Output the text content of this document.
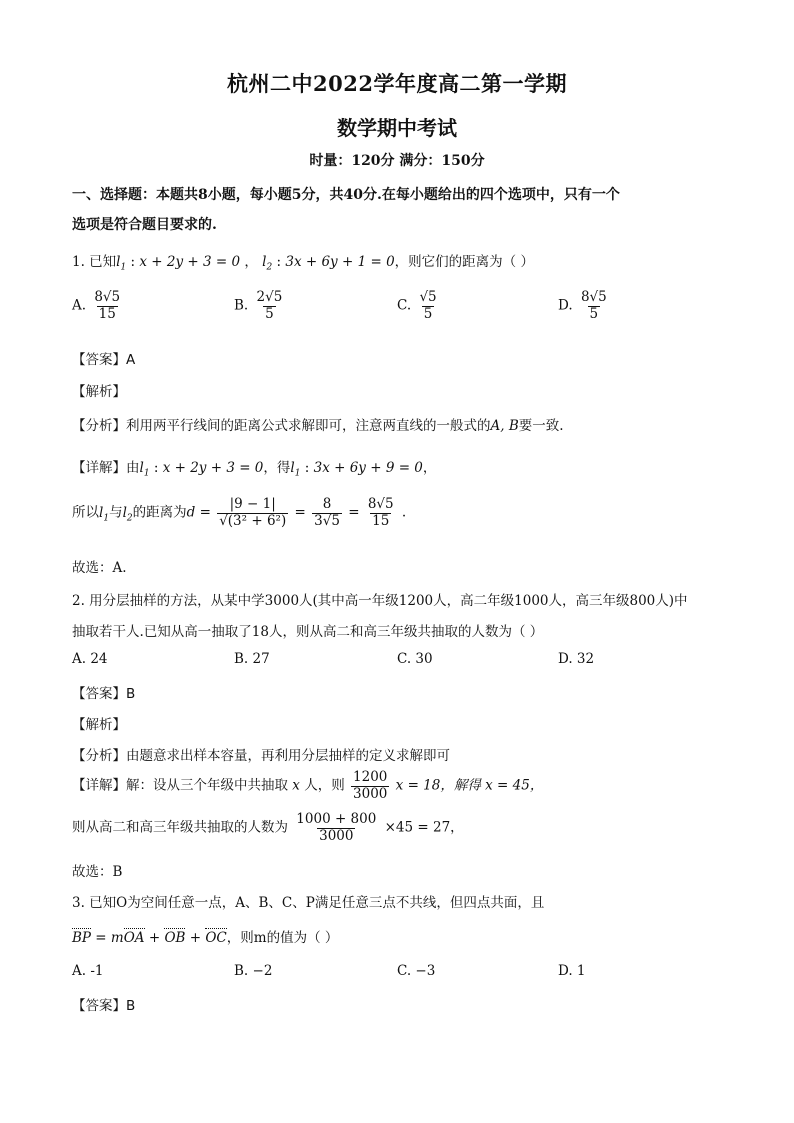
杭州二中2022学年度高二第一学期
数学期中考试
时量：120分 满分：150分
一、选择题：本题共8小题，每小题5分，共40分.在每小题给出的四个选项中，只有一个
选项是符合题目要求的.
1. 已知$l_1$ : x + 2y + 3 = 0 ， $l_2$ : 3x + 6y + 1 = 0，则它们的距离为（ ）
A. $\frac{8√5}{15}$	B. $\frac{2√5}{5}$	C. $\frac{√5}{5}$	D. $\frac{8√5}{5}$
【答案】A
【解析】
【分析】利用两平行线间的距离公式求解即可，注意两直线的一般式的A, B要一致.
【详解】由$l_1$ : x + 2y + 3 = 0，得$l_1$ : 3x + 6y + 9 = 0，
所以$l_1$与$l_2$的距离为$d = \frac{|9 - 1|}{\text{√(3² + 6²)}} = \frac{8}{3√5} = \frac{8√5}{15}$ .
故选：A.
2. 用分层抽样的方法，从某中学3000人(其中高一年级1200人，高二年级1000人，高三年级800人)中
抽取若干人.已知从高一抽取了18人，则从高二和高三年级共抽取的人数为（ ）
A. 24	B. 27	C. 30	D. 32
【答案】B
【解析】
【分析】由题意求出样本容量，再利用分层抽样的定义求解即可
【详解】解：设从三个年级中共抽取 x 人，则 $\frac{1200}{3000}$ x = 18，解得 x = 45，
则从高二和高三年级共抽取的人数为 $\frac{1000 + 800}{3000} \times 45 = 27$，
故选：B
3. 已知O为空间任意一点，A、B、C、P满足任意三点不共线，但四点共面，且
BP = mOA + OB + OC，则m的值为（ ）
A. -1	B. −2	C. −3	D. 1
【答案】B
